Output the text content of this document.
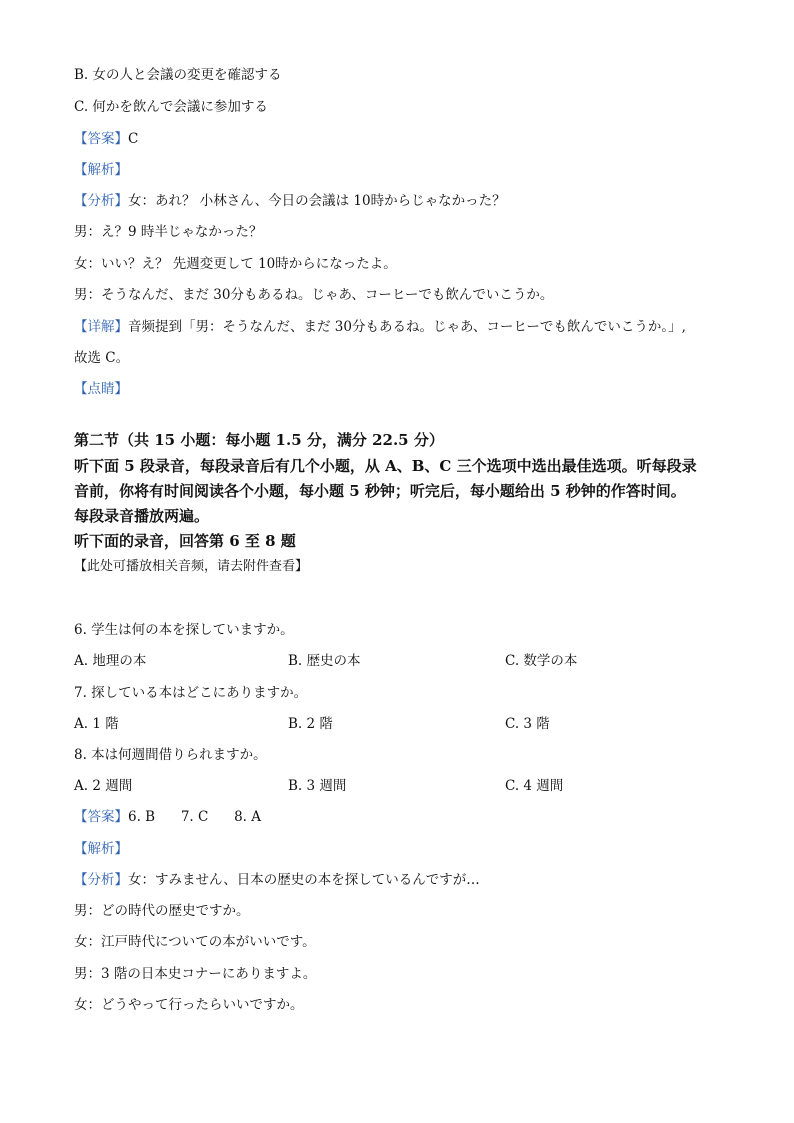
B. 女の人と会議の変更を確認する
C. 何かを飲んで会議に参加する
【答案】C
【解析】
【分析】女：あれ？ 小林さん、今日の会議は 10時からじゃなかった？
男：え？9 時半じゃなかった？
女：いい？え？ 先週変更して 10時からになったよ。
男：そうなんだ、まだ 30分もあるね。じゃあ、コーヒーでも飲んでいこうか。
【详解】音频提到「男：そうなんだ、まだ 30分もあるね。じゃあ、コーヒーでも飲んでいこうか。」,
故选 C。
【点睛】
第二节（共 15 小题：每小题 1.5 分，满分 22.5 分）
听下面 5 段录音，每段录音后有几个小题，从 A、B、C 三个选项中选出最佳选项。听每段录
音前，你将有时间阅读各个小题，每小题 5 秒钟；听完后，每小题给出 5 秒钟的作答时间。
每段录音播放两遍。
听下面的录音，回答第 6 至 8 题
【此处可播放相关音频，请去附件查看】
6. 学生は何の本を探していますか。
A. 地理の本	B. 歴史の本	C. 数学の本
7. 探している本はどこにありますか。
A. 1 階	B. 2 階	C. 3 階
8. 本は何週間借りられますか。
A. 2 週間	B. 3 週間	C. 4 週間
【答案】6. B      7. C      8. A
【解析】
【分析】女：すみません、日本の歴史の本を探しているんですが…
男：どの時代の歴史ですか。
女：江戸時代についての本がいいです。
男：3 階の日本史コナーにありますよ。
女：どうやって行ったらいいですか。
